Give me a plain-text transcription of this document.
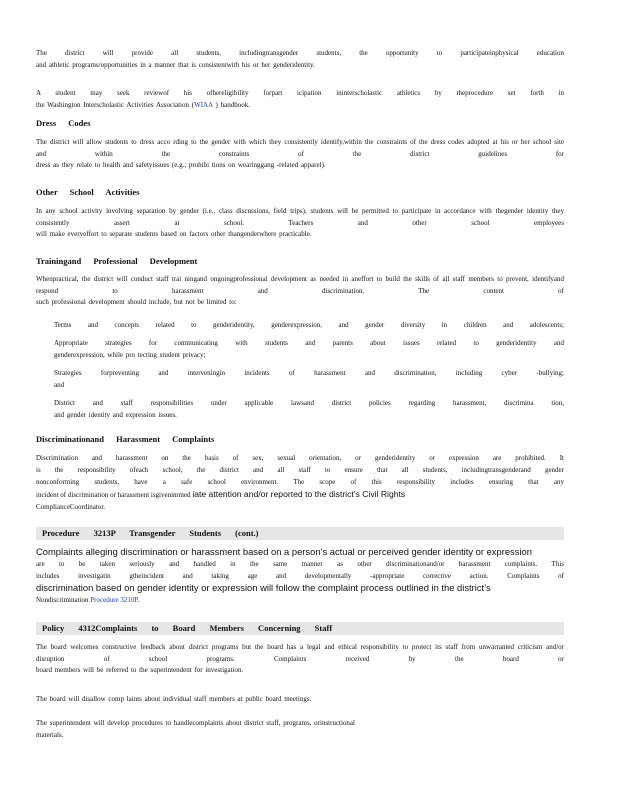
The district will provide all students, includingtransgender students, the opportunity to participateinphysical education
and athletic programs/opportunities in a manner that is consistentwith his or her genderidentity.
A student may seek reviewof his ofhereligibility forpart icipation ininterscholastic athletics by theprocedure set forth in
the Washington Interscholastic Activities Association (WIAA ) handbook.
Dress Codes
The district will allow students to dress acco rding to the gender with which they consistently identify,within the constraints of the dress codes adopted at his or her school site and within the constraints of the district guidelines for
dress as they relate to health and safetyissues (e.g., prohibi tions on wearinggang -related apparel).
Other School Activities
In any school activity involving separation by gender (i.e., class discussions, field trips), students will be permitted to participate in accordance with thegender identity they consistently assert at school. Teachers and other school employees
will make everyeffort to separate students based on factors other thangenderwhere practicable.
Trainingand Professional Development
Whenpractical, the district will conduct staff trai ningand ongoingprofessional development as needed in aneffort to build the skills of all staff members to prevent, identifyand respond to harassment and discrimination. The content of
such professional development should include, but not be limited to:
Terms and concepts related to genderidentity, genderexpression, and gender diversity in children and adolescents;
Appropriate strategies for communicating with students and parents about issues related to genderidentity and
genderexpression, while pro tecting student privacy;
Strategies forpreventing and interveningin incidents of harassment and discrimination, including cyber -bullying;
and
District and staff responsibilities under applicable lawsand district policies regarding harassment, discrimina tion,
and gender identity and expression issues.
Discriminationand Harassment Complaints
Discrimination and harassment on the basis of sex, sexual orientation, or genderidentity or expression are prohibited. It
is the responsibility ofeach school, the district and all staff to ensure that all students, includingtransgenderand gender
nonconforming students, have a safe school environment. The scope of this responsibility includes ensuring that any
incident of discrimination or harassment isgivenimmed iate attention and/or reported to the district’s Civil Rights
ComplianceCoordinator.
Procedure 3213P Transgender Students (cont.)
Complaints alleging discrimination or harassment based on a person’s actual or perceived gender identity or expression
are to be taken seriously and handled in the same manner as other discriminationand/or harassment complaints. This
includes investigatin gtheincident and taking age and developmentally -appropriate corrective action. Complaints of
discrimination based on gender identity or expression will follow the complaint process outlined in the district’s
Nondiscrimination Procedure 3210P.
Policy 4312Complaints to Board Members Concerning Staff
The board welcomes constructive feedback about district programs but the board has a legal and ethical responsibility to protect its staff from unwarranted criticism and/or disruption of school programs. Complaints received by the board or
board members will be referred to the superintendent for investigation.
The board will disallow comp laints about individual staff members at public board meetings.
The superintendent will develop procedures to handlecomplaints about district staff, programs, orinstructional
materials.
